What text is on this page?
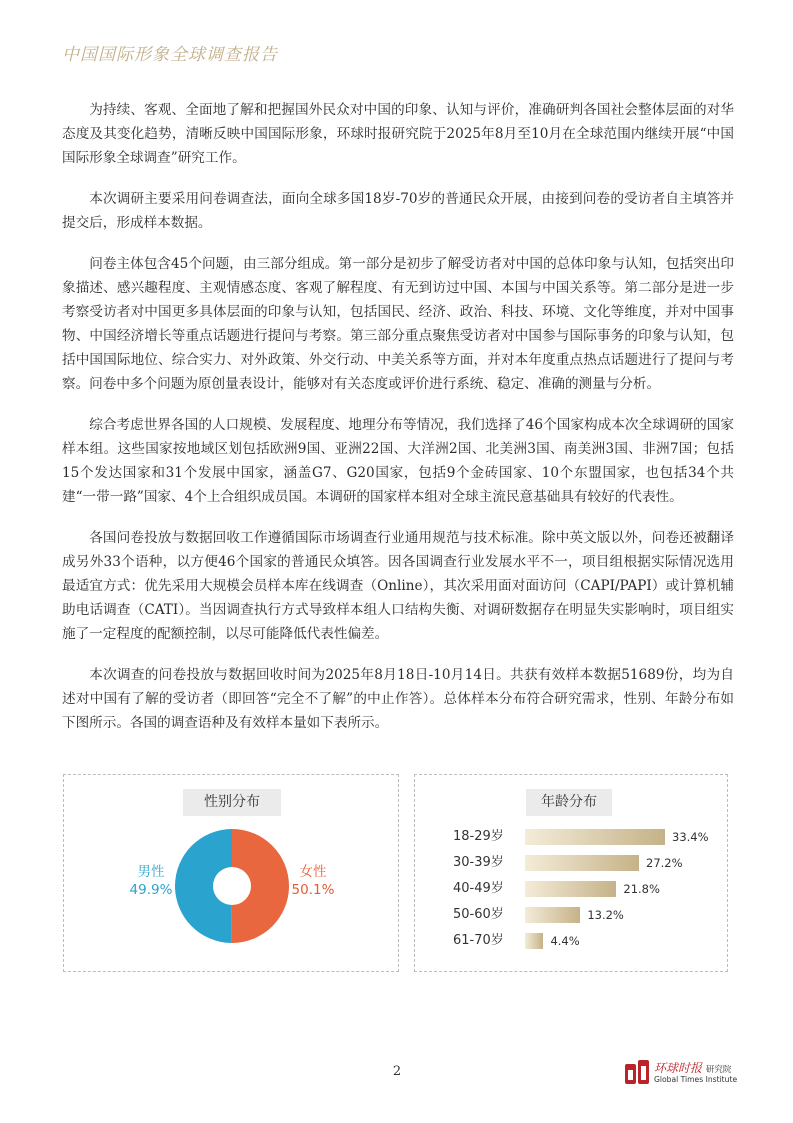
中国国际形象全球调查报告

为持续、客观、全面地了解和把握国外民众对中国的印象、认知与评价，准确研判各国社会整体层面的对华态度及其变化趋势，清晰反映中国国际形象，环球时报研究院于2025年8月至10月在全球范围内继续开展“中国国际形象全球调查”研究工作。

本次调研主要采用问卷调查法，面向全球多国18岁-70岁的普通民众开展，由接到问卷的受访者自主填答并提交后，形成样本数据。

问卷主体包含45个问题，由三部分组成。第一部分是初步了解受访者对中国的总体印象与认知，包括突出印象描述、感兴趣程度、主观情感态度、客观了解程度、有无到访过中国、本国与中国关系等。第二部分是进一步考察受访者对中国更多具体层面的印象与认知，包括国民、经济、政治、科技、环境、文化等维度，并对中国事物、中国经济增长等重点话题进行提问与考察。第三部分重点聚焦受访者对中国参与国际事务的印象与认知，包括中国国际地位、综合实力、对外政策、外交行动、中美关系等方面，并对本年度重点热点话题进行了提问与考察。问卷中多个问题为原创量表设计，能够对有关态度或评价进行系统、稳定、准确的测量与分析。

综合考虑世界各国的人口规模、发展程度、地理分布等情况，我们选择了46个国家构成本次全球调研的国家样本组。这些国家按地域区划包括欧洲9国、亚洲22国、大洋洲2国、北美洲3国、南美洲3国、非洲7国；包括15个发达国家和31个发展中国家，涵盖G7、G20国家，包括9个金砖国家、10个东盟国家，也包括34个共建“一带一路”国家、4个上合组织成员国。本调研的国家样本组对全球主流民意基础具有较好的代表性。

各国问卷投放与数据回收工作遵循国际市场调查行业通用规范与技术标准。除中英文版以外，问卷还被翻译成另外33个语种，以方便46个国家的普通民众填答。因各国调查行业发展水平不一，项目组根据实际情况选用最适宜方式：优先采用大规模会员样本库在线调查（Online），其次采用面对面访问（CAPI/PAPI）或计算机辅助电话调查（CATI）。当因调查执行方式导致样本组人口结构失衡、对调研数据存在明显失实影响时，项目组实施了一定程度的配额控制，以尽可能降低代表性偏差。

本次调查的问卷投放与数据回收时间为2025年8月18日-10月14日。共获有效样本数据51689份，均为自述对中国有了解的受访者（即回答“完全不了解”的中止作答）。总体样本分布符合研究需求，性别、年龄分布如下图所示。各国的调查语种及有效样本量如下表所示。

性别分布
男性
49.9%
女性
50.1%
年龄分布
18-29岁	33.4%
30-39岁	27.2%
40-49岁	21.8%
50-60岁	13.2%
61-70岁	4.4%
2	环球时报 研究院
Global Times Institute
